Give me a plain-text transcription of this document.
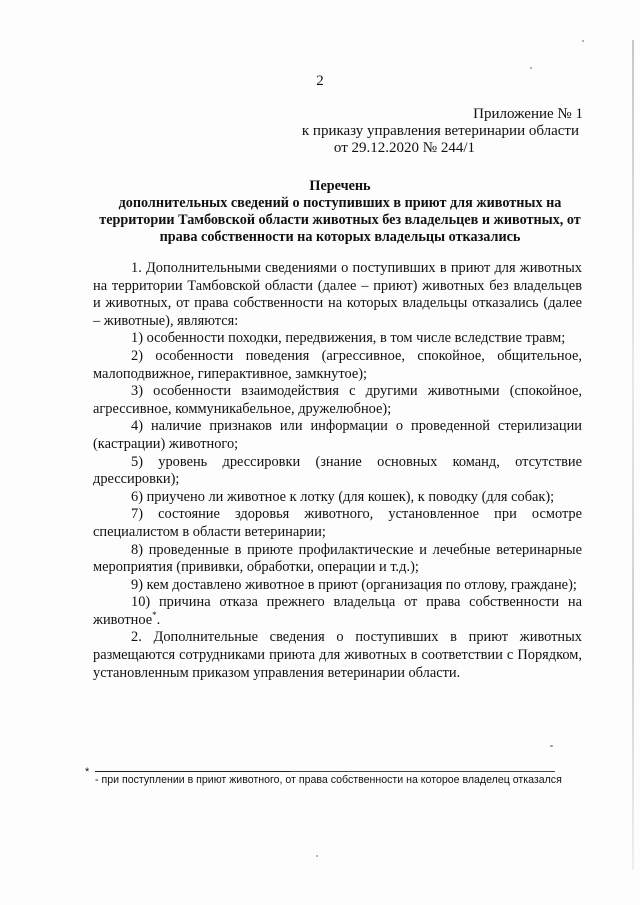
2
Приложение № 1
к приказу управления ветеринарии области
от 29.12.2020 № 244/1
Перечень
дополнительных сведений о поступивших в приют для животных на территории Тамбовской области животных без владельцев и животных, от права собственности на которых владельцы отказались

1. Дополнительными сведениями о поступивших в приют для животных на территории Тамбовской области (далее – приют) животных без владельцев и животных, от права собственности на которых владельцы отказались (далее – животные), являются:

1) особенности походки, передвижения, в том числе вследствие травм;

2) особенности поведения (агрессивное, спокойное, общительное, малоподвижное, гиперактивное, замкнутое);

3) особенности взаимодействия с другими животными (спокойное, агрессивное, коммуникабельное, дружелюбное);

4) наличие признаков или информации о проведенной стерилизации (кастрации) животного;

5) уровень дрессировки (знание основных команд, отсутствие дрессировки);

6) приучено ли животное к лотку (для кошек), к поводку (для собак);

7) состояние здоровья животного, установленное при осмотре специалистом в области ветеринарии;

8) проведенные в приюте профилактические и лечебные ветеринарные мероприятия (прививки, обработки, операции и т.д.);

9) кем доставлено животное в приют (организация по отлову, граждане);

10) причина отказа прежнего владельца от права собственности на животное*.

2. Дополнительные сведения о поступивших в приют животных размещаются сотрудниками приюта для животных в соответствии с Порядком, установленным приказом управления ветеринарии области.

*
- при поступлении в приют животного, от права собственности на которое владелец отказался
